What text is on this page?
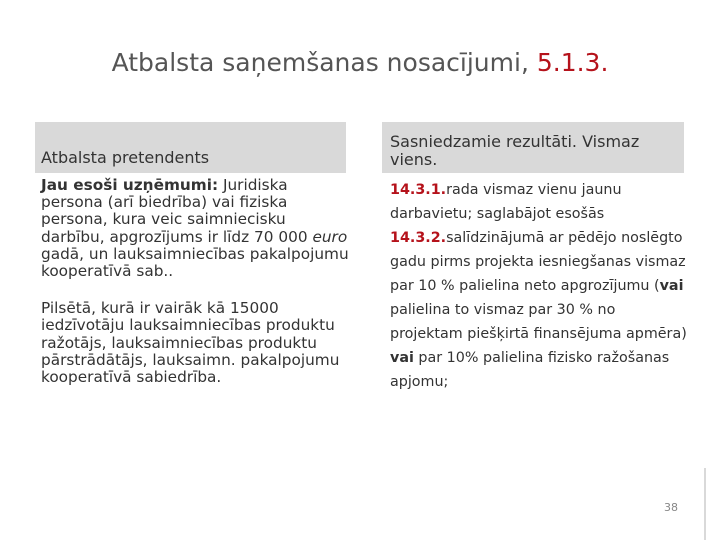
Atbalsta saņemšanas nosacījumi, 5.1.3.
Atbalsta pretendents
Sasniedzamie rezultāti. Vismaz viens.

Jau esoši uzņēmumi: Juridiska persona (arī biedrība) vai fiziska persona, kura veic saimniecisku darbību, apgrozījums ir līdz 70 000 euro gadā, un lauksaimniecības pakalpojumu kooperatīvā sab..

Pilsētā, kurā ir vairāk kā 15000 iedzīvotāju lauksaimniecības produktu ražotājs, lauksaimniecības produktu pārstrādātājs, lauksaimn. pakalpojumu kooperatīvā sabiedrība.

14.3.1.rada vismaz vienu jaunu darbavietu; saglabājot esošās
14.3.2.salīdzinājumā ar pēdējo noslēgto gadu pirms projekta iesniegšanas vismaz par 10 % palielina neto apgrozījumu (vai palielina to vismaz par 30 % no projektam piešķirtā finansējuma apmēra) vai par 10% palielina fizisko ražošanas apjomu;
38
